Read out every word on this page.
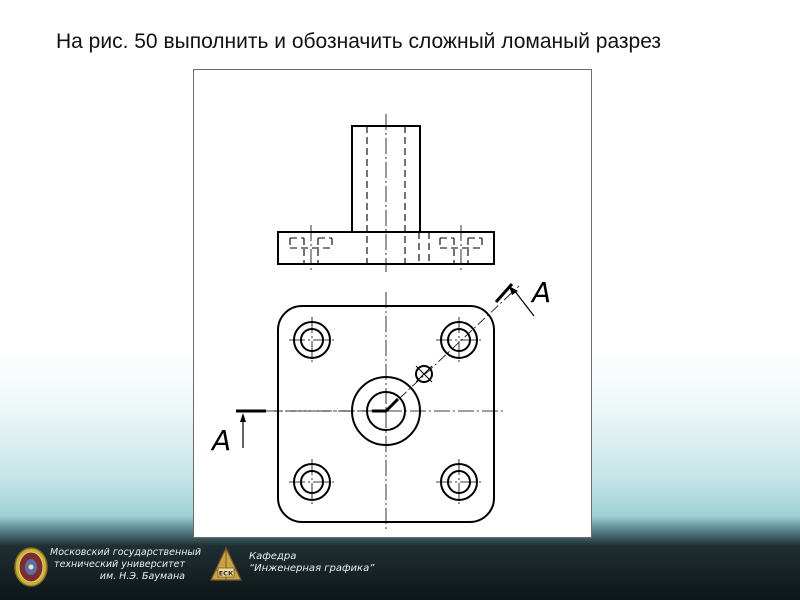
На рис. 50 выполнить и обозначить сложный ломаный разрез
А
А
Московский государственный
технический университет
им. Н.Э. Баумана	ЕСК
Кафедра
“Инженерная графика”
